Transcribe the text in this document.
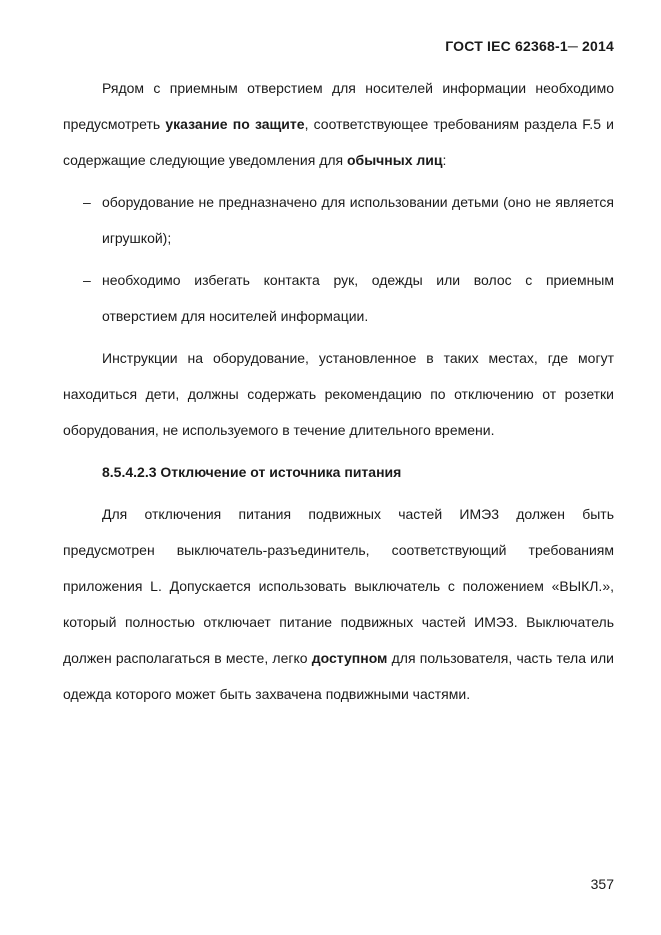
ГОСТ IEC 62368-1─ 2014

Рядом с приемным отверстием для носителей информации необходимо предусмотреть указание по защите, соответствующее требованиям раздела F.5 и содержащие следующие уведомления для обычных лиц:

– оборудование не предназначено для использовании детьми (оно не является игрушкой);
– необходимо избегать контакта рук, одежды или волос с приемным отверстием для носителей информации.

Инструкции на оборудование, установленное в таких местах, где могут находиться дети, должны содержать рекомендацию по отключению от розетки оборудования, не используемого в течение длительного времени.

8.5.4.2.3 Отключение от источника питания

Для отключения питания подвижных частей ИМЭ3 должен быть предусмотрен выключатель-разъединитель, соответствующий требованиям приложения L. Допускается использовать выключатель с положением «ВЫКЛ.», который полностью отключает питание подвижных частей ИМЭ3. Выключатель должен располагаться в месте, легко доступном для пользователя, часть тела или одежда которого может быть захвачена подвижными частями.

357
